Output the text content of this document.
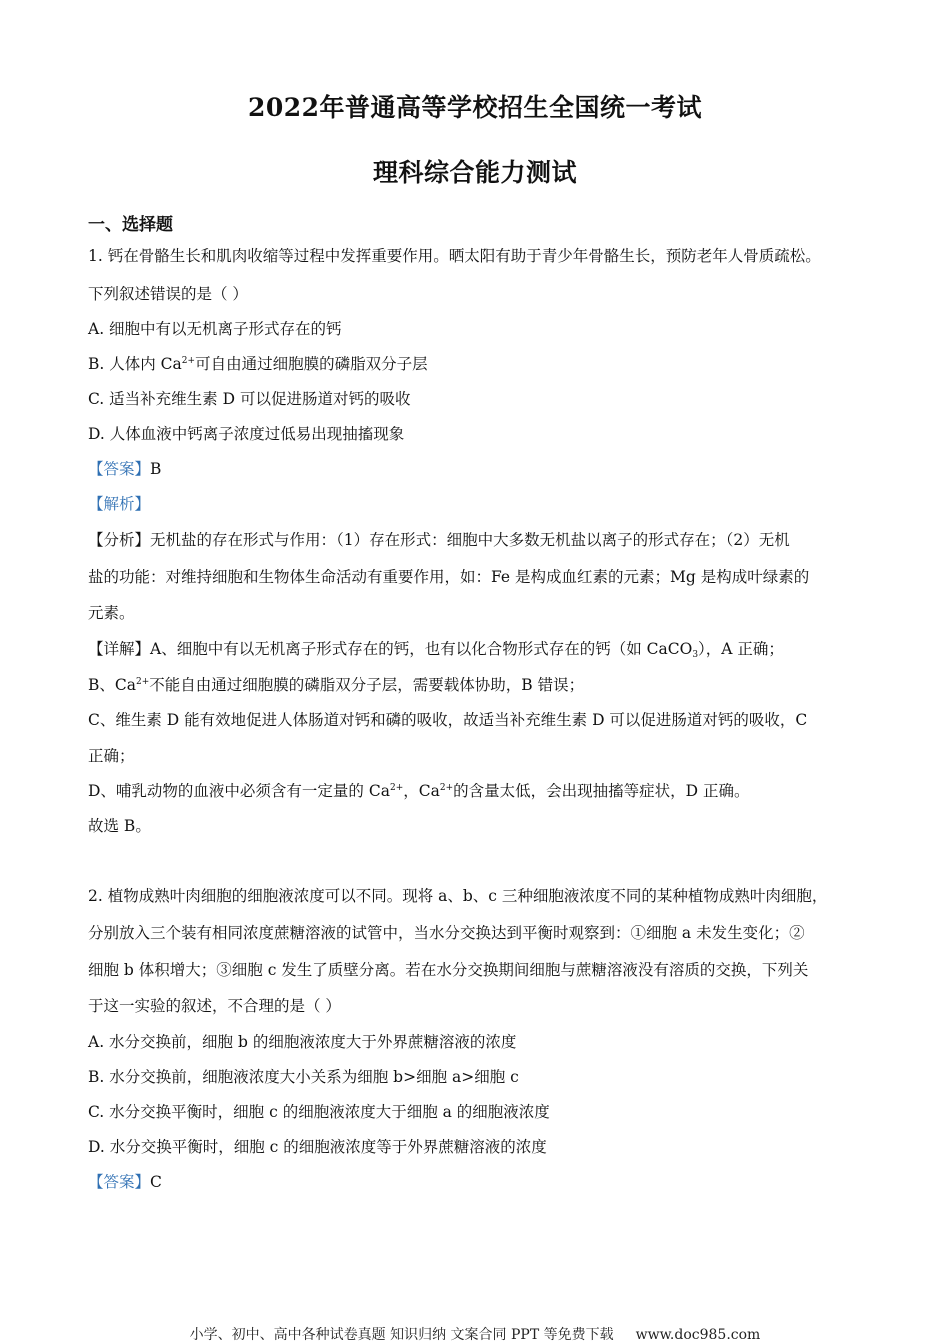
2022年普通高等学校招生全国统一考试
理科综合能力测试
一、选择题
1. 钙在骨骼生长和肌肉收缩等过程中发挥重要作用。晒太阳有助于青少年骨骼生长，预防老年人骨质疏松。
下列叙述错误的是（ ）
A. 细胞中有以无机离子形式存在的钙
B. 人体内 $Ca^{2+}$可自由通过细胞膜的磷脂双分子层
C. 适当补充维生素 D 可以促进肠道对钙的吸收
D. 人体血液中钙离子浓度过低易出现抽搐现象
【答案】B
【解析】
【分析】无机盐的存在形式与作用：（1）存在形式：细胞中大多数无机盐以离子的形式存在；（2）无机
盐的功能：对维持细胞和生物体生命活动有重要作用，如：Fe 是构成血红素的元素；Mg 是构成叶绿素的
元素。
【详解】A、细胞中有以无机离子形式存在的钙，也有以化合物形式存在的钙（如 CaCO$_3$），A 正确；
B、$Ca^{2+}$不能自由通过细胞膜的磷脂双分子层，需要载体协助，B 错误；
C、维生素 D 能有效地促进人体肠道对钙和磷的吸收，故适当补充维生素 D 可以促进肠道对钙的吸收，C
正确；
D、哺乳动物的血液中必须含有一定量的 $Ca^{2+}$，$Ca^{2+}$的含量太低，会出现抽搐等症状，D 正确。
故选 B。
2. 植物成熟叶肉细胞的细胞液浓度可以不同。现将 a、b、c 三种细胞液浓度不同的某种植物成熟叶肉细胞，
分别放入三个装有相同浓度蔗糖溶液的试管中，当水分交换达到平衡时观察到：①细胞 a 未发生变化；②
细胞 b 体积增大；③细胞 c 发生了质壁分离。若在水分交换期间细胞与蔗糖溶液没有溶质的交换，下列关
于这一实验的叙述，不合理的是（ ）
A. 水分交换前，细胞 b 的细胞液浓度大于外界蔗糖溶液的浓度
B. 水分交换前，细胞液浓度大小关系为细胞 b>细胞 a>细胞 c
C. 水分交换平衡时，细胞 c 的细胞液浓度大于细胞 a 的细胞液浓度
D. 水分交换平衡时，细胞 c 的细胞液浓度等于外界蔗糖溶液的浓度
【答案】C
小学、初中、高中各种试卷真题 知识归纳 文案合同 PPT 等免费下载 www.doc985.com
